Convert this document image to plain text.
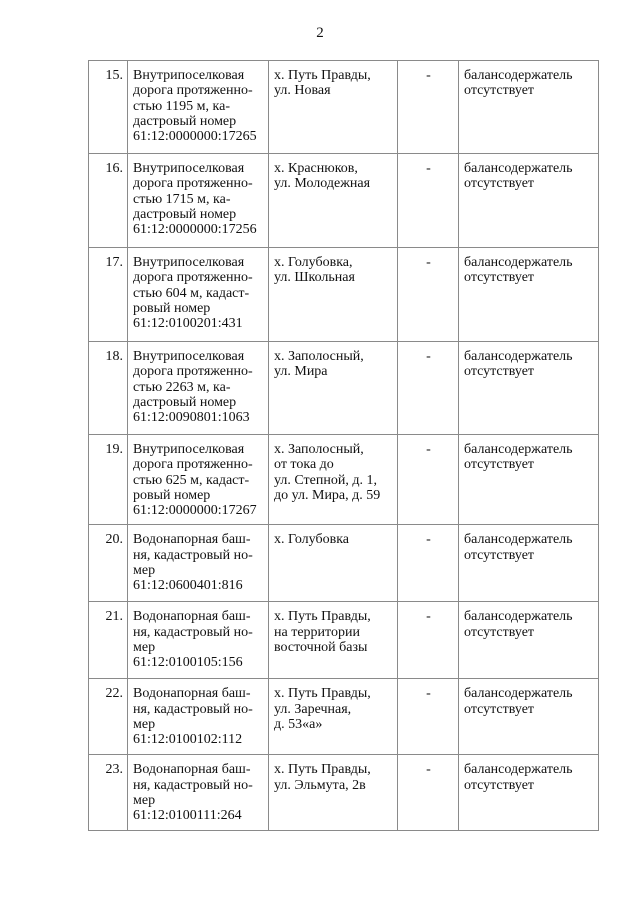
2
15.	Внутрипоселковая
дорога протяженно-
стью 1195 м, ка-
дастровый номер
61:12:0000000:17265	х. Путь Правды,
ул. Новая	-	балансодержатель
отсутствует

16.	Внутрипоселковая
дорога протяженно-
стью 1715 м, ка-
дастровый номер
61:12:0000000:17256	х. Краснюков,
ул. Молодежная	-	балансодержатель
отсутствует

17.	Внутрипоселковая
дорога протяженно-
стью 604 м, кадаст-
ровый номер
61:12:0100201:431	х. Голубовка,
ул. Школьная	-	балансодержатель
отсутствует

18.	Внутрипоселковая
дорога протяженно-
стью 2263 м, ка-
дастровый номер
61:12:0090801:1063	х. Заполосный,
ул. Мира	-	балансодержатель
отсутствует

19.	Внутрипоселковая
дорога протяженно-
стью 625 м, кадаст-
ровый номер
61:12:0000000:17267	х. Заполосный,
от тока до
ул. Степной, д. 1,
до ул. Мира, д. 59	-	балансодержатель
отсутствует

20.	Водонапорная баш-
ня, кадастровый но-
мер
61:12:0600401:816	х. Голубовка	-	балансодержатель
отсутствует

21.	Водонапорная баш-
ня, кадастровый но-
мер
61:12:0100105:156	х. Путь Правды,
на территории
восточной базы	-	балансодержатель
отсутствует

22.	Водонапорная баш-
ня, кадастровый но-
мер
61:12:0100102:112	х. Путь Правды,
ул. Заречная,
д. 53«а»	-	балансодержатель
отсутствует

23.	Водонапорная баш-
ня, кадастровый но-
мер
61:12:0100111:264	х. Путь Правды,
ул. Эльмута, 2в	-	балансодержатель
отсутствует
